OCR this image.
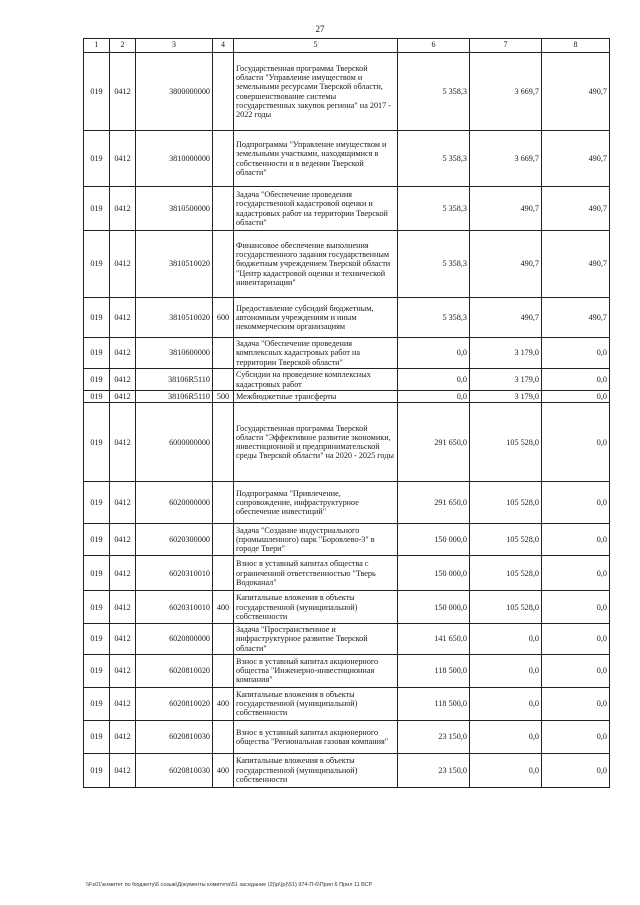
27
1	2	3	4	5	6	7	8
019	0412	3800000000		Государственная программа Тверской области "Управление имуществом и земельными ресурсами Тверской области, совершенствование системы государственных закупок региона" на 2017 - 2022 годы	5 358,3	3 669,7	490,7
019	0412	3810000000		Подпрограмма "Управление имуществом и земельными участками, находящимися в собственности и в ведении Тверской области"	5 358,3	3 669,7	490,7
019	0412	3810500000		Задача "Обеспечение проведения государственной кадастровой оценки и кадастровых работ на территории Тверской области"	5 358,3	490,7	490,7
019	0412	3810510020		Финансовое обеспечение выполнения государственного задания государственным бюджетным учреждением Тверской области "Центр кадастровой оценки и технической инвентаризации"	5 358,3	490,7	490,7
019	0412	3810510020	600	Предоставление субсидий бюджетным, автономным учреждениям и иным некоммерческим организациям	5 358,3	490,7	490,7
019	0412	3810600000		Задача "Обеспечение проведения комплексных кадастровых работ на территории Тверской области"	0,0	3 179,0	0,0
019	0412	38106R5110		Субсидии на проведение комплексных кадастровых работ	0,0	3 179,0	0,0
019	0412	38106R5110	500	Межбюджетные трансферты	0,0	3 179,0	0,0
019	0412	6000000000		Государственная программа Тверской области "Эффективное развитие экономики, инвестиционной и предпринимательской среды Тверской области" на 2020 - 2025 годы	291 650,0	105 528,0	0,0
019	0412	6020000000		Подпрограмма "Привлечение, сопровождение, инфраструктурное обеспечение инвестиций"	291 650,0	105 528,0	0,0
019	0412	6020300000		Задача "Создание индустриального (промышленного) парк "Боровлево-3" в городе Твери"	150 000,0	105 528,0	0,0
019	0412	6020310010		Взнос в уставный капитал общества с ограниченной ответственностью "Тверь Водоканал"	150 000,0	105 528,0	0,0
019	0412	6020310010	400	Капитальные вложения в объекты государственной (муниципальной) собственности	150 000,0	105 528,0	0,0
019	0412	6020800000		Задача "Пространственное и инфраструктурное развитие Тверской области"	141 650,0	0,0	0,0
019	0412	6020810020		Взнос в уставный капитал акционерного общества "Инженерно-инвестиционная компания"	118 500,0	0,0	0,0
019	0412	6020810020	400	Капитальные вложения в объекты государственной (муниципальной) собственности	118 500,0	0,0	0,0
019	0412	6020810030		Взнос в уставный капитал акционерного общества "Региональная газовая компания"	23 150,0	0,0	0,0
019	0412	6020810030	400	Капитальные вложения в объекты государственной (муниципальной) собственности	23 150,0	0,0	0,0
\\Fs01\комитет по бюджету\6 созыв\Документы комитета\51 заседание (2)\р\(р)\51) 974-П-6\Прил 6 Прил 11 ВСР
